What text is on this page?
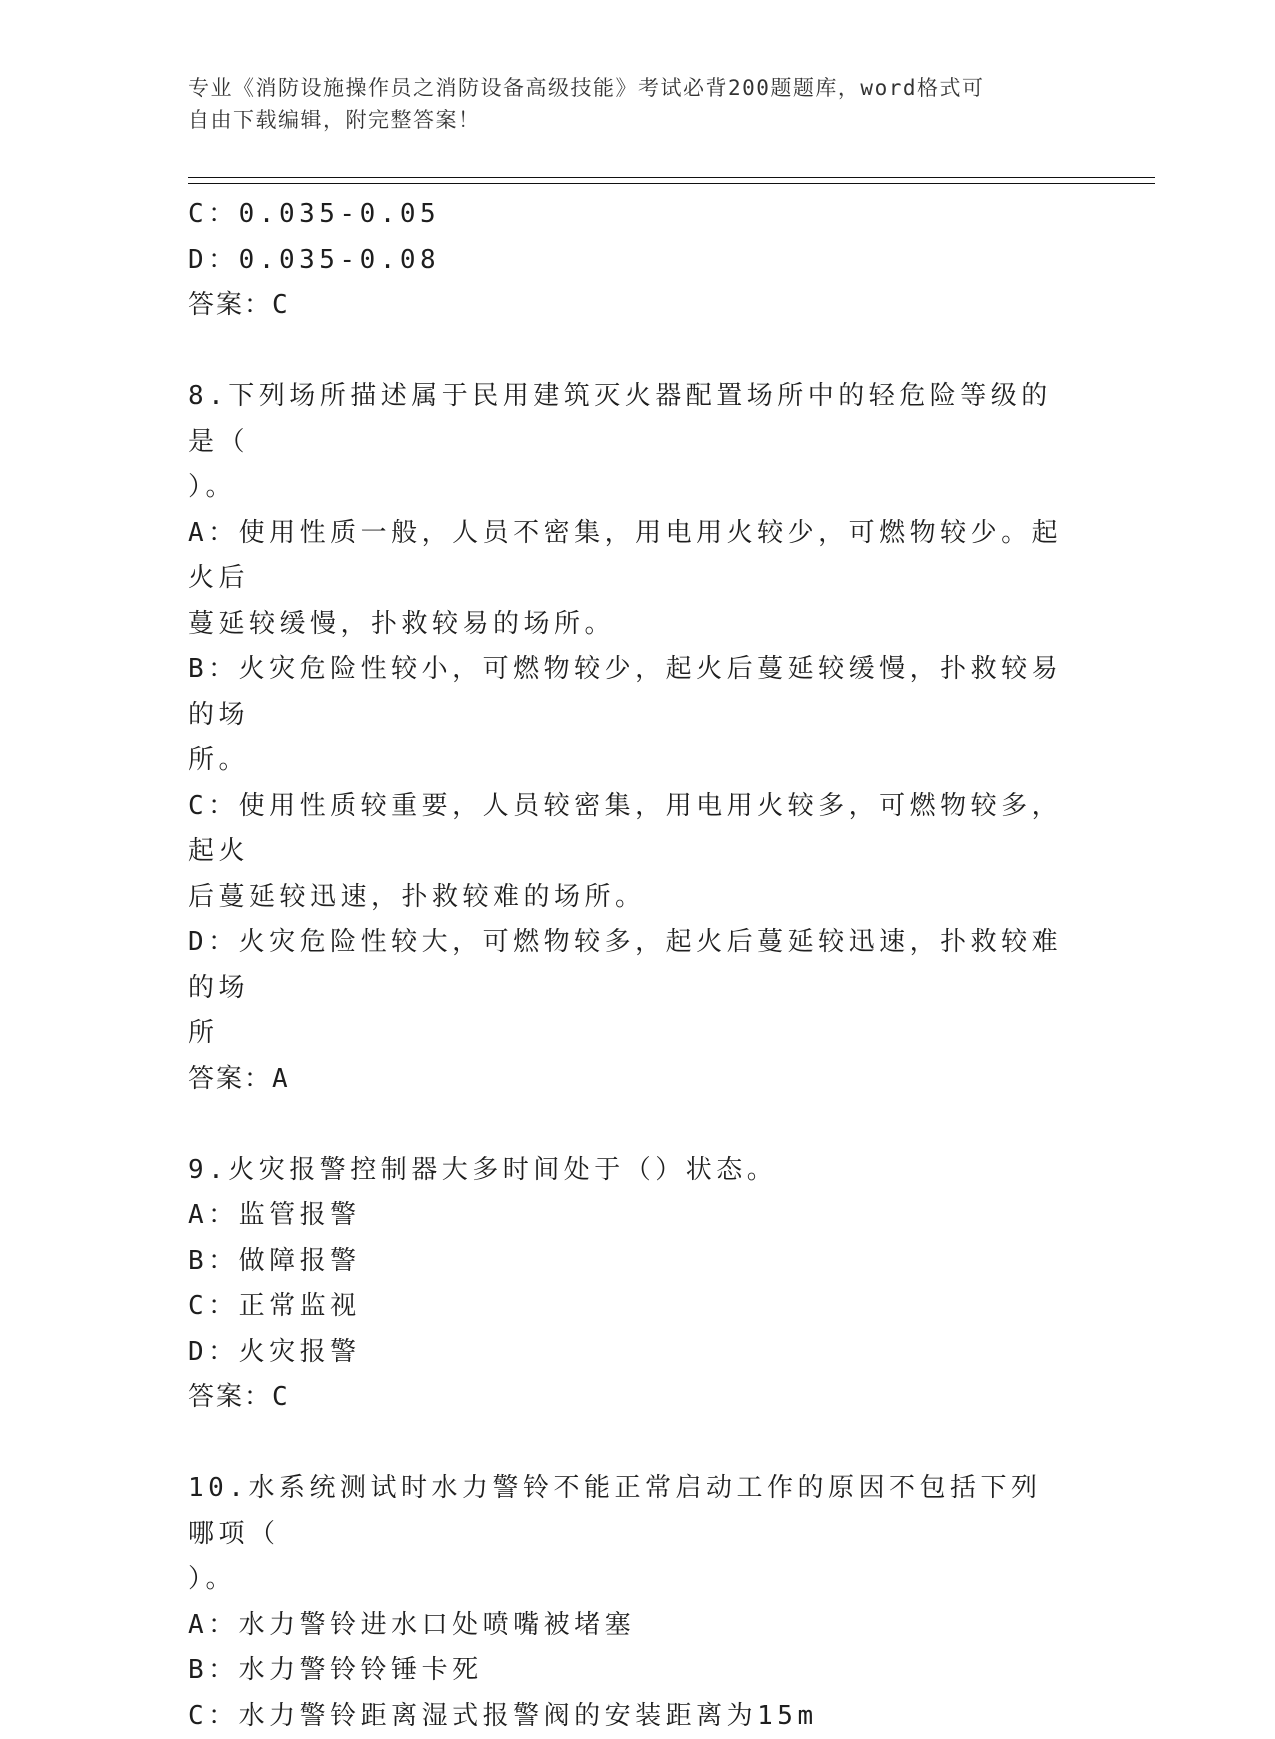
专业《消防设施操作员之消防设备高级技能》考试必背200题题库，word格式可
自由下载编辑，附完整答案！
C：0.035-0.05
D：0.035-0.08
答案：C
8.下列场所描述属于民用建筑灭火器配置场所中的轻危险等级的是（
）。
A：使用性质一般，人员不密集，用电用火较少，可燃物较少。起火后
蔓延较缓慢，扑救较易的场所。
B：火灾危险性较小，可燃物较少，起火后蔓延较缓慢，扑救较易的场
所。
C：使用性质较重要，人员较密集，用电用火较多，可燃物较多，起火
后蔓延较迅速，扑救较难的场所。
D：火灾危险性较大，可燃物较多，起火后蔓延较迅速，扑救较难的场
所
答案：A
9.火灾报警控制器大多时间处于（）状态。
A：监管报警
B：做障报警
C：正常监视
D：火灾报警
答案：C
10.水系统测试时水力警铃不能正常启动工作的原因不包括下列哪项（
）。
A：水力警铃进水口处喷嘴被堵塞
B：水力警铃铃锤卡死
C：水力警铃距离湿式报警阀的安装距离为15m
